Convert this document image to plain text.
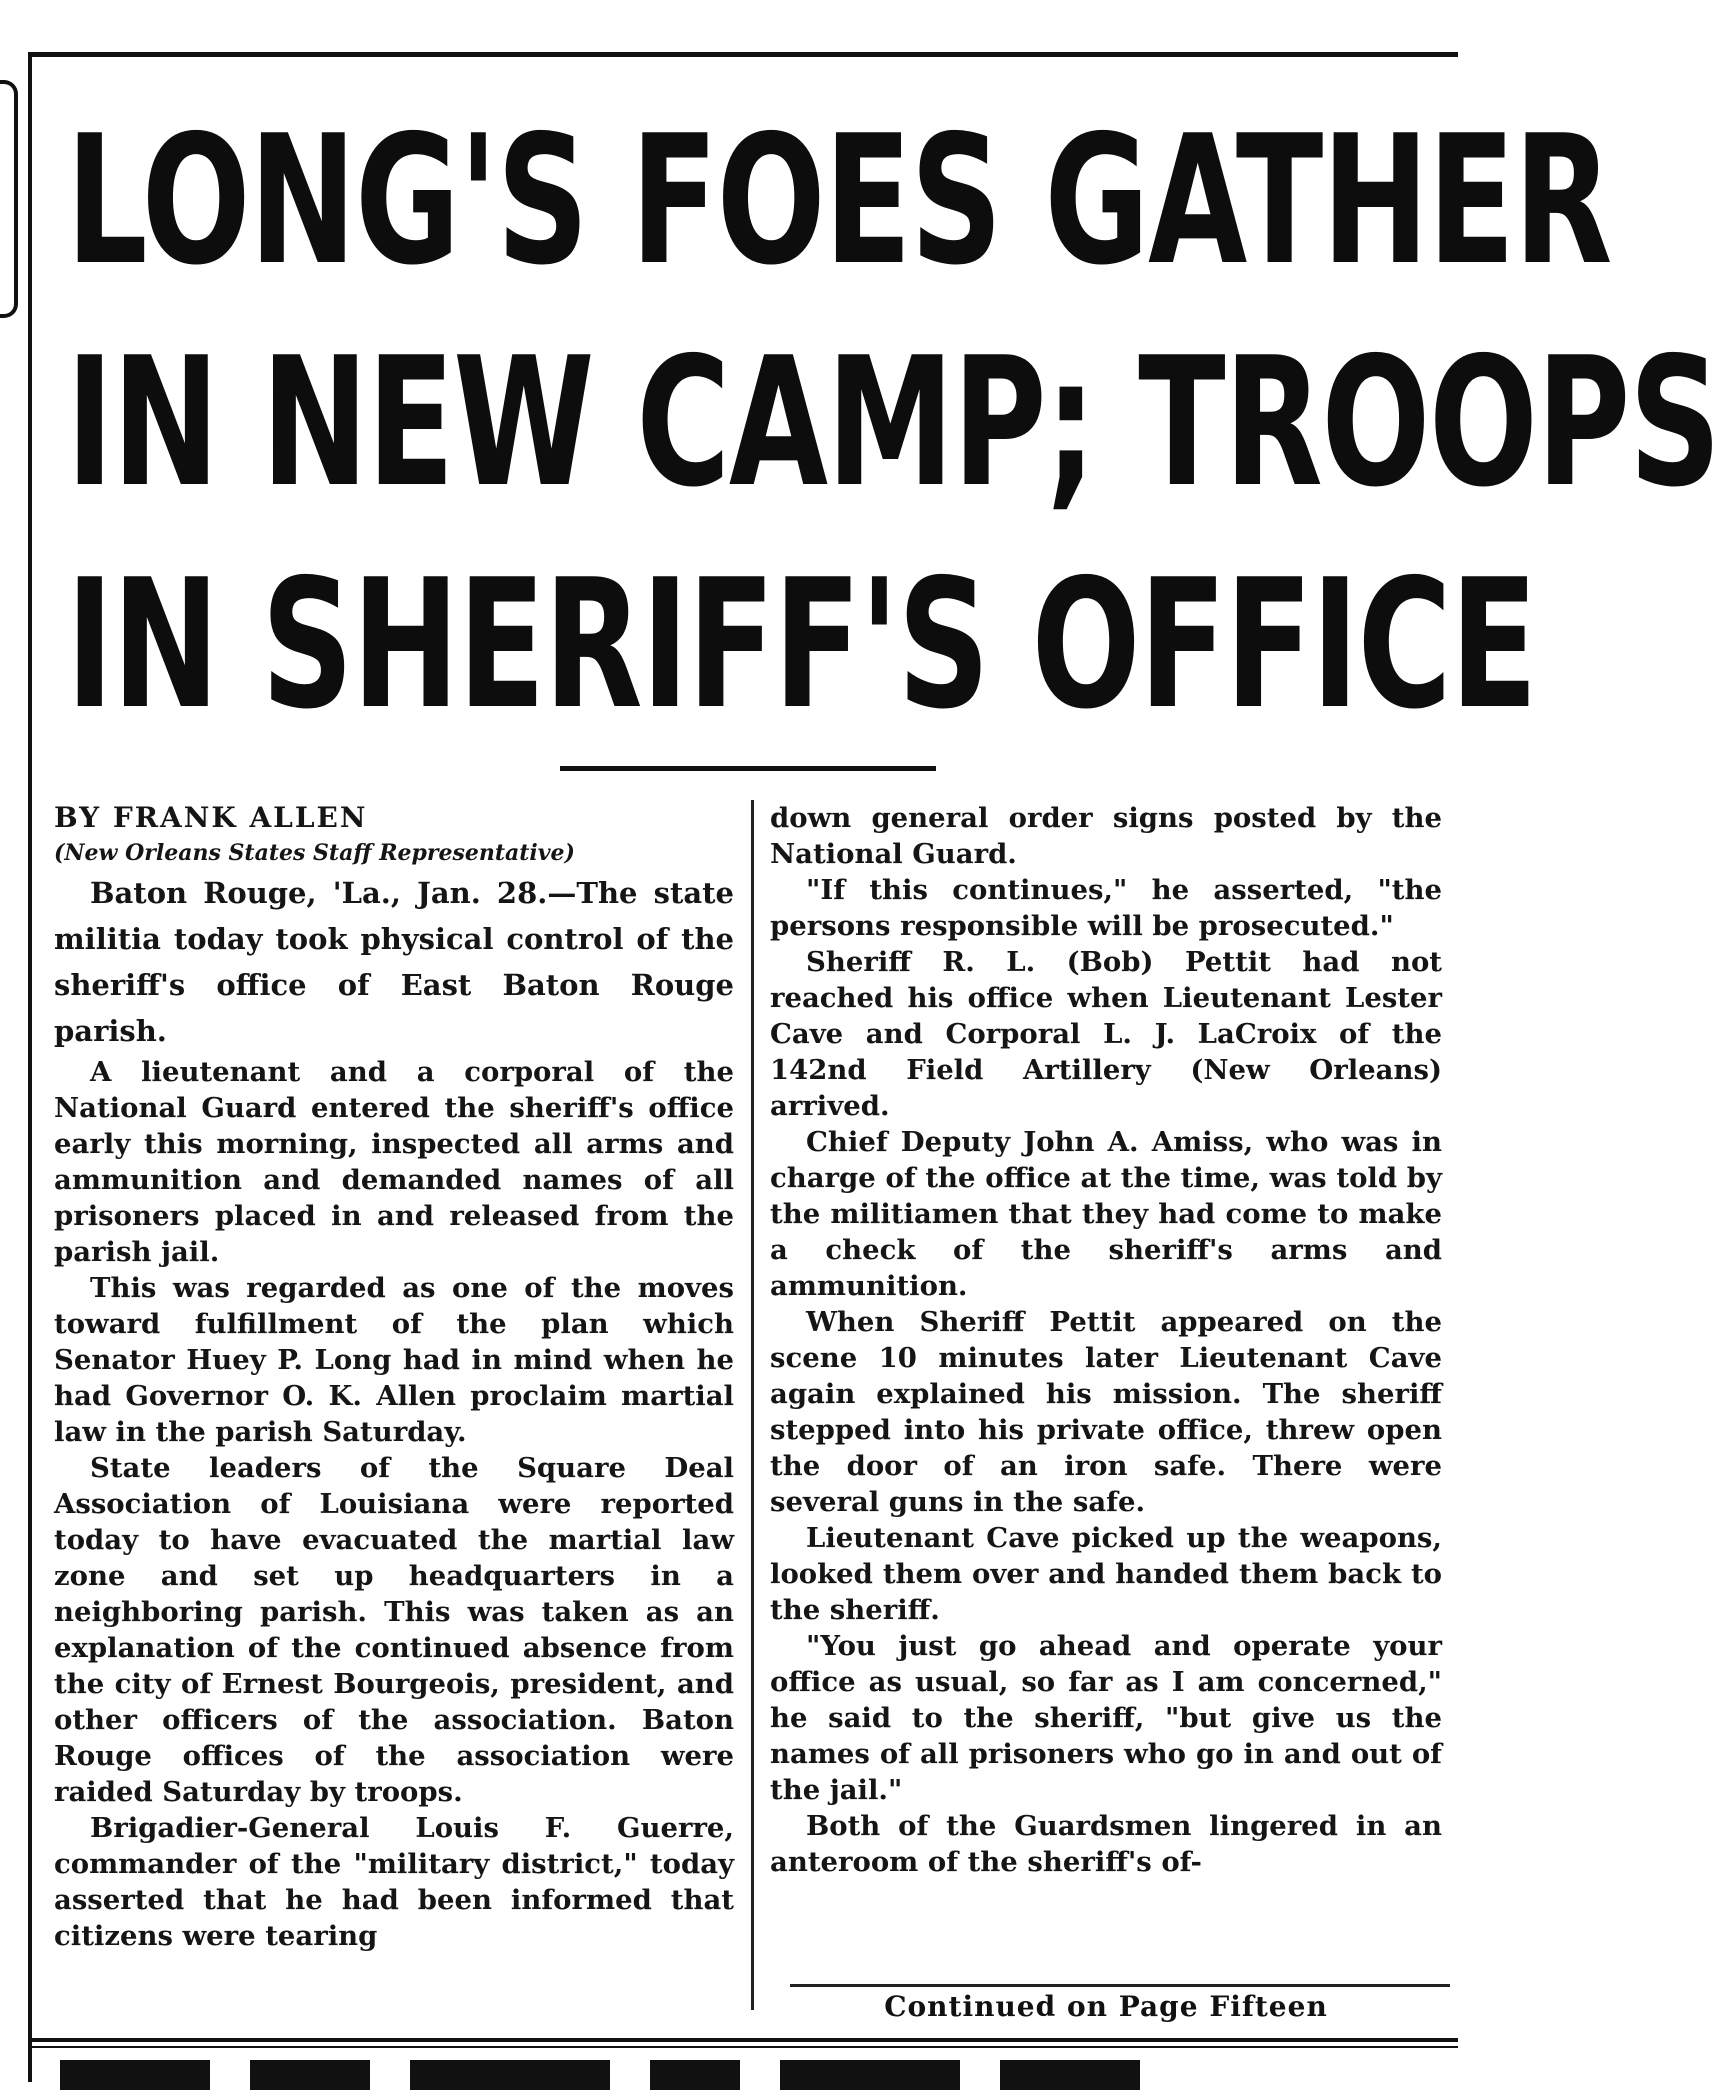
LONG'S FOES GATHER
IN NEW CAMP; TROOPS
IN SHERIFF'S OFFICE

BY FRANK ALLEN

(New Orleans States Staff Representative)

Baton Rouge, 'La., Jan. 28.—The state militia today took physical control of the sheriff's office of East Baton Rouge parish.

A lieutenant and a corporal of the National Guard entered the sheriff's office early this morning, inspected all arms and ammunition and demanded names of all prisoners placed in and released from the parish jail.

This was regarded as one of the moves toward fulfillment of the plan which Senator Huey P. Long had in mind when he had Governor O. K. Allen proclaim martial law in the parish Saturday.

State leaders of the Square Deal Association of Louisiana were reported today to have evacuated the martial law zone and set up headquarters in a neighboring parish. This was taken as an explanation of the continued absence from the city of Ernest Bourgeois, president, and other officers of the association. Baton Rouge offices of the association were raided Saturday by troops.

Brigadier-General Louis F. Guerre, commander of the "military district," today asserted that he had been informed that citizens were tearing

down general order signs posted by the National Guard.

"If this continues," he asserted, "the persons responsible will be prosecuted."

Sheriff R. L. (Bob) Pettit had not reached his office when Lieutenant Lester Cave and Corporal L. J. LaCroix of the 142nd Field Artillery (New Orleans) arrived.

Chief Deputy John A. Amiss, who was in charge of the office at the time, was told by the militiamen that they had come to make a check of the sheriff's arms and ammunition.

When Sheriff Pettit appeared on the scene 10 minutes later Lieutenant Cave again explained his mission. The sheriff stepped into his private office, threw open the door of an iron safe. There were several guns in the safe.

Lieutenant Cave picked up the weapons, looked them over and handed them back to the sheriff.

"You just go ahead and operate your office as usual, so far as I am concerned," he said to the sheriff, "but give us the names of all prisoners who go in and out of the jail."

Both of the Guardsmen lingered in an anteroom of the sheriff's of-

Continued on Page Fifteen
